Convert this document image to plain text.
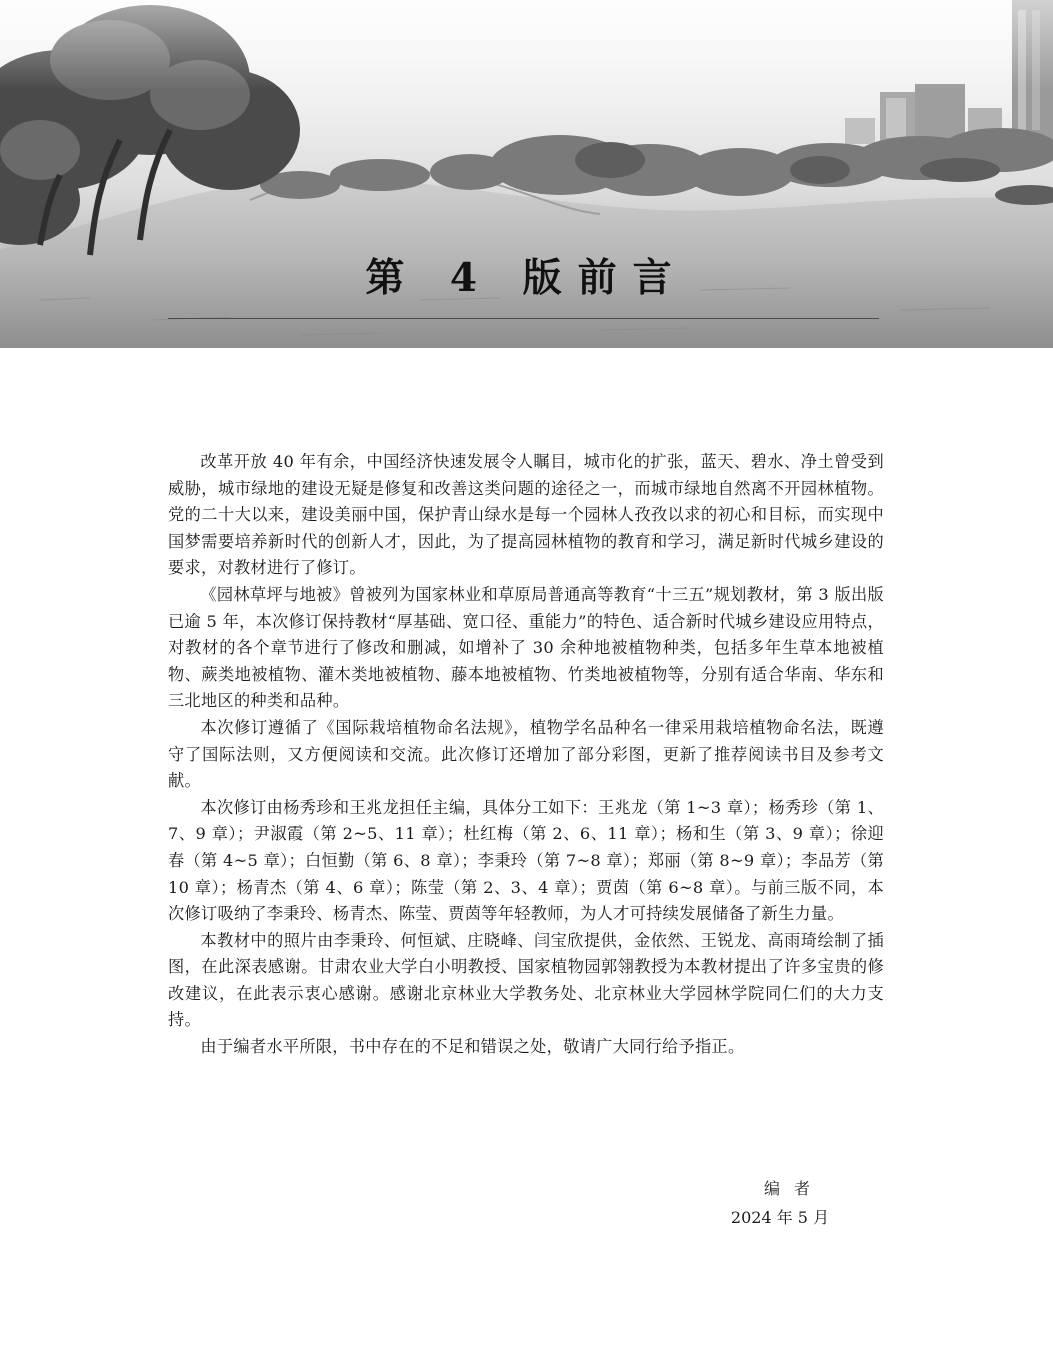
第 4 版前言

改革开放 40 年有余，中国经济快速发展令人瞩目，城市化的扩张，蓝天、碧水、净土曾受到威胁，城市绿地的建设无疑是修复和改善这类问题的途径之一，而城市绿地自然离不开园林植物。党的二十大以来，建设美丽中国，保护青山绿水是每一个园林人孜孜以求的初心和目标，而实现中国梦需要培养新时代的创新人才，因此，为了提高园林植物的教育和学习，满足新时代城乡建设的要求，对教材进行了修订。

《园林草坪与地被》曾被列为国家林业和草原局普通高等教育“十三五”规划教材，第 3 版出版已逾 5 年，本次修订保持教材“厚基础、宽口径、重能力”的特色、适合新时代城乡建设应用特点，对教材的各个章节进行了修改和删减，如增补了 30 余种地被植物种类，包括多年生草本地被植物、蕨类地被植物、灌木类地被植物、藤本地被植物、竹类地被植物等，分别有适合华南、华东和三北地区的种类和品种。

本次修订遵循了《国际栽培植物命名法规》，植物学名品种名一律采用栽培植物命名法，既遵守了国际法则，又方便阅读和交流。此次修订还增加了部分彩图，更新了推荐阅读书目及参考文献。

本次修订由杨秀珍和王兆龙担任主编，具体分工如下：王兆龙（第 1~3 章）；杨秀珍（第 1、7、9 章）；尹淑霞（第 2~5、11 章）；杜红梅（第 2、6、11 章）；杨和生（第 3、9 章）；徐迎春（第 4~5 章）；白恒勤（第 6、8 章）；李秉玲（第 7~8 章）；郑丽（第 8~9 章）；李品芳（第 10 章）；杨青杰（第 4、6 章）；陈莹（第 2、3、4 章）；贾茵（第 6~8 章）。与前三版不同，本次修订吸纳了李秉玲、杨青杰、陈莹、贾茵等年轻教师，为人才可持续发展储备了新生力量。

本教材中的照片由李秉玲、何恒斌、庄晓峰、闫宝欣提供，金依然、王锐龙、高雨琦绘制了插图，在此深表感谢。甘肃农业大学白小明教授、国家植物园郭翎教授为本教材提出了许多宝贵的修改建议，在此表示衷心感谢。感谢北京林业大学教务处、北京林业大学园林学院同仁们的大力支持。

由于编者水平所限，书中存在的不足和错误之处，敬请广大同行给予指正。

编者
2024 年 5 月
